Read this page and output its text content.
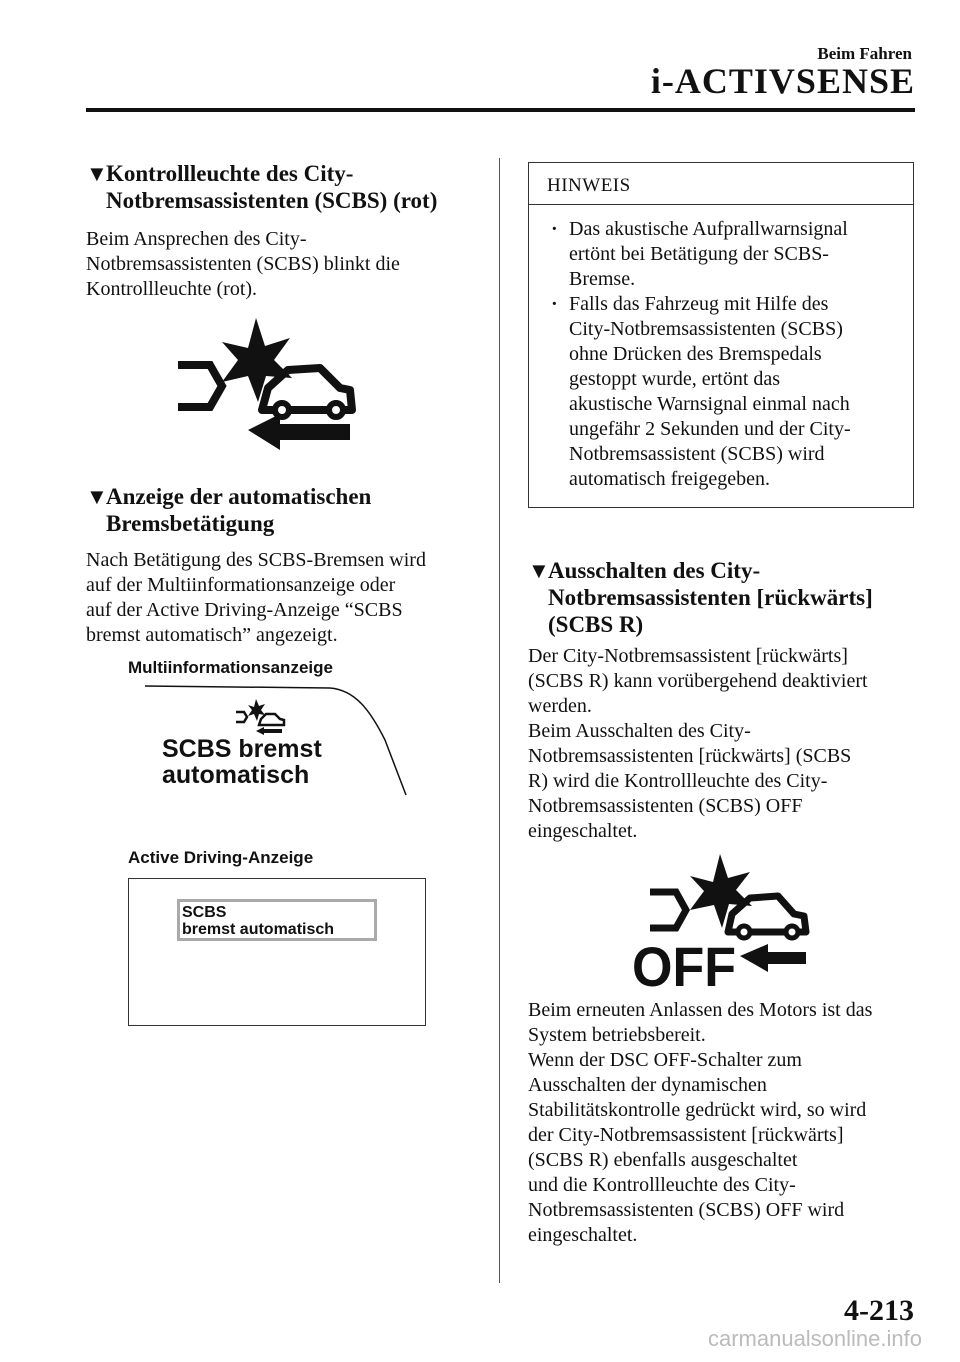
Beim Fahren
i-ACTIVSENSE
▼
Kontrollleuchte des City-
Notbremsassistenten (SCBS) (rot)

Beim Ansprechen des City-
Notbremsassistenten (SCBS) blinkt die
Kontrollleuchte (rot).

▼
Anzeige der automatischen
Bremsbetätigung

Nach Betätigung des SCBS-Bremsen wird
auf der Multiinformationsanzeige oder
auf der Active Driving-Anzeige “SCBS
bremst automatisch” angezeigt.

Multiinformationsanzeige
SCBS bremst
automatisch
Active Driving-Anzeige
SCBS
bremst automatisch
HINWEIS
· Das akustische Aufprallwarnsignal
ertönt bei Betätigung der SCBS-
Bremse.
· Falls das Fahrzeug mit Hilfe des
City-Notbremsassistenten (SCBS)
ohne Drücken des Bremspedals
gestoppt wurde, ertönt das
akustische Warnsignal einmal nach
ungefähr 2 Sekunden und der City-
Notbremsassistent (SCBS) wird
automatisch freigegeben.
▼
Ausschalten des City-
Notbremsassistenten [rückwärts]
(SCBS R)

Der City-Notbremsassistent [rückwärts]
(SCBS R) kann vorübergehend deaktiviert
werden.
Beim Ausschalten des City-
Notbremsassistenten [rückwärts] (SCBS
R) wird die Kontrollleuchte des City-
Notbremsassistenten (SCBS) OFF
eingeschaltet.

OFF

Beim erneuten Anlassen des Motors ist das
System betriebsbereit.
Wenn der DSC OFF-Schalter zum
Ausschalten der dynamischen
Stabilitätskontrolle gedrückt wird, so wird
der City-Notbremsassistent [rückwärts]
(SCBS R) ebenfalls ausgeschaltet
und die Kontrollleuchte des City-
Notbremsassistenten (SCBS) OFF wird
eingeschaltet.

4-213
carmanualsonline.info
